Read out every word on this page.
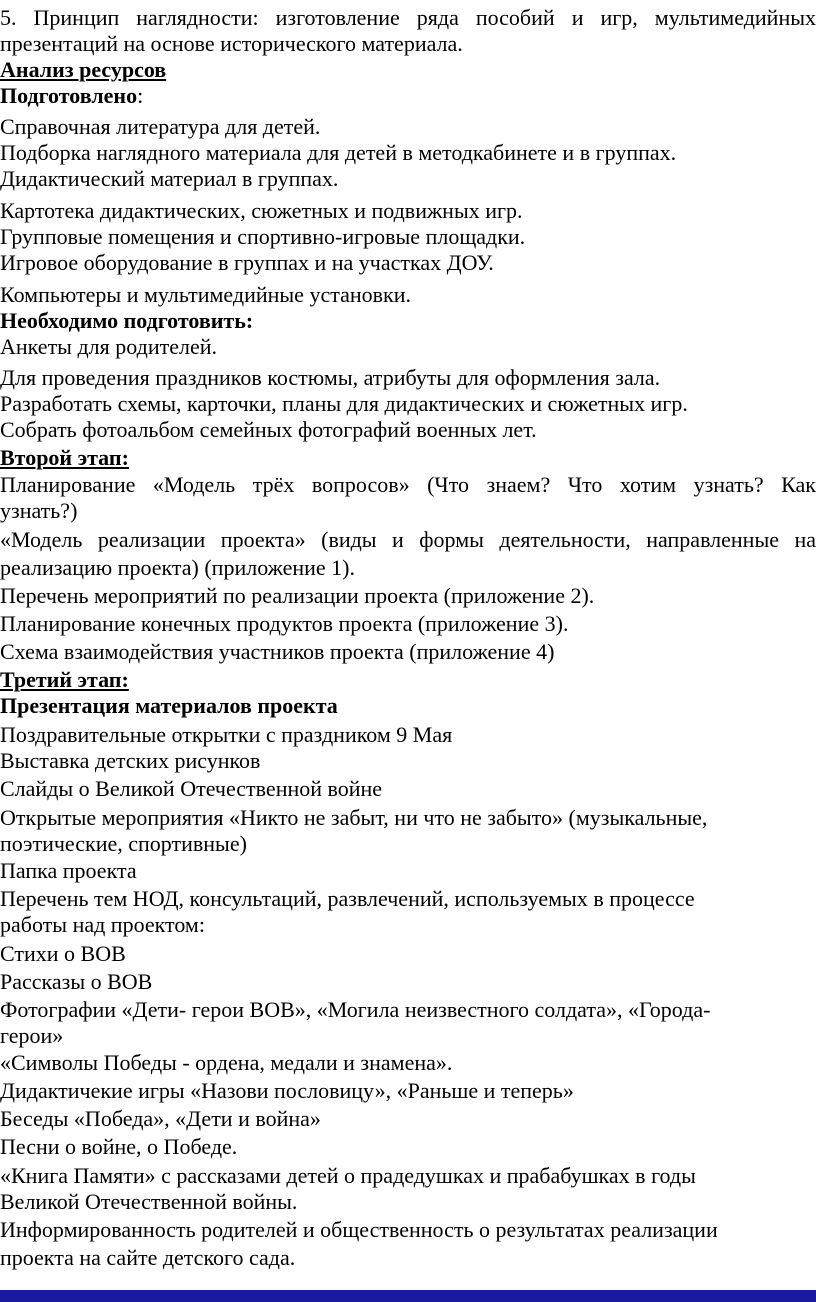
5. Принцип наглядности: изготовление ряда пособий и игр, мультимедийных
презентаций на основе исторического материала.
Анализ ресурсов
Подготовлено:
Справочная литература для детей.
Подборка наглядного материала для детей в методкабинете и в группах.
Дидактический материал в группах.
Картотека дидактических, сюжетных и подвижных игр.
Групповые помещения и спортивно-игровые площадки.
Игровое оборудование в группах и на участках ДОУ.
Компьютеры и мультимедийные установки.
Необходимо подготовить:
Анкеты для родителей.
Для проведения праздников костюмы, атрибуты для оформления зала.
Разработать схемы, карточки, планы для дидактических и сюжетных игр.
Собрать фотоальбом семейных фотографий военных лет.
Второй этап:
Планирование «Модель трёх вопросов» (Что знаем? Что хотим узнать? Как
узнать?)
«Модель реализации проекта» (виды и формы деятельности, направленные на
реализацию проекта) (приложение 1).
Перечень мероприятий по реализации проекта (приложение 2).
Планирование конечных продуктов проекта (приложение 3).
Схема взаимодействия участников проекта (приложение 4)
Третий этап:
Презентация материалов проекта
Поздравительные открытки с праздником 9 Мая
Выставка детских рисунков
Слайды о Великой Отечественной войне
Открытые мероприятия «Никто не забыт, ни что не забыто» (музыкальные,
поэтические, спортивные)
Папка проекта
Перечень тем НОД, консультаций, развлечений, используемых в процессе
работы над проектом:
Стихи о ВОВ
Рассказы о ВОВ
Фотографии «Дети- герои ВОВ», «Могила неизвестного солдата», «Города-
герои»
«Символы Победы - ордена, медали и знамена».
Дидактичекие игры «Назови пословицу», «Раньше и теперь»
Беседы «Победа», «Дети и война»
Песни о войне, о Победе.
«Книга Памяти» с рассказами детей о прадедушках и прабабушках в годы
Великой Отечественной войны.
Информированность родителей и общественность о результатах реализации
проекта на сайте детского сада.
